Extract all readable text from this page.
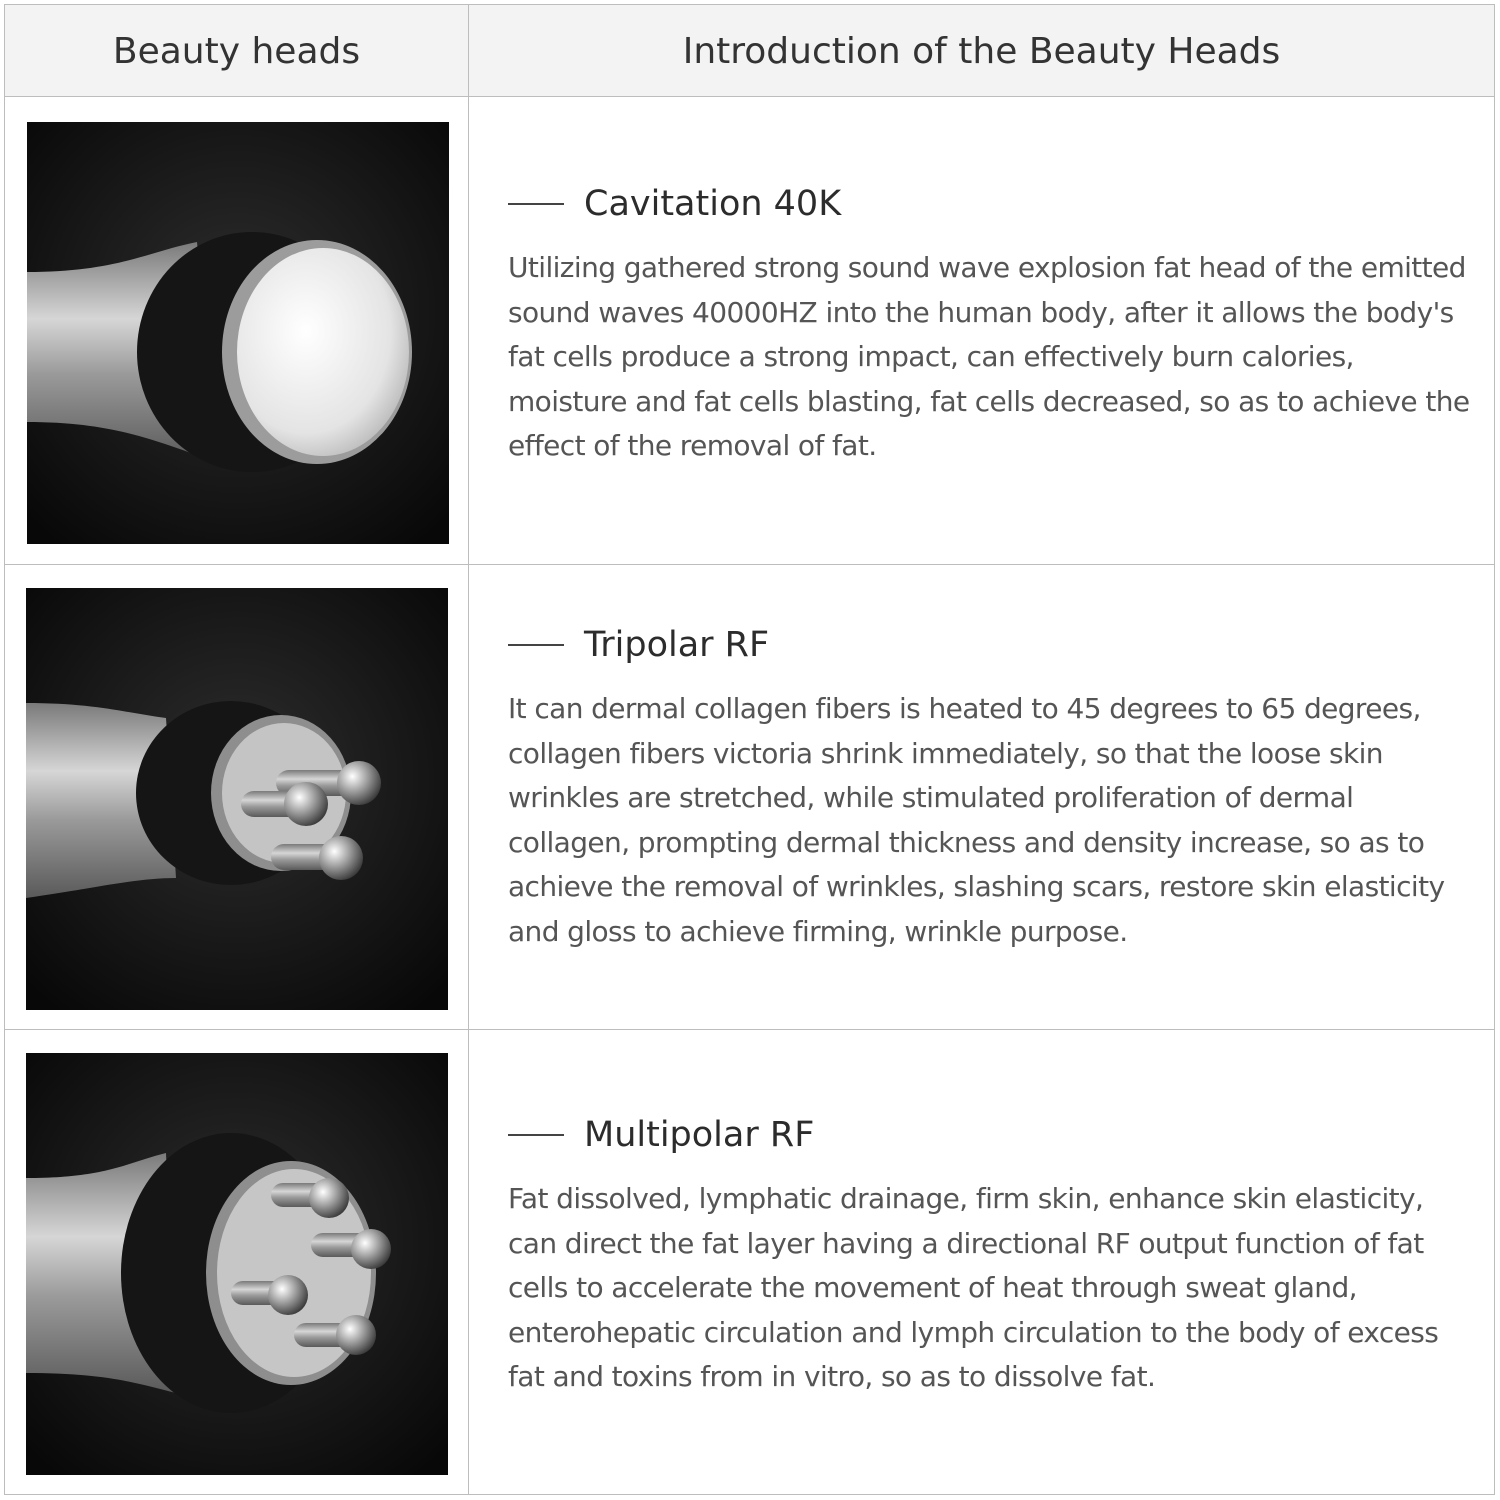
Beauty heads	Introduction of the Beauty Heads
Cavitation 40K
Utilizing gathered strong sound wave explosion fat head of the emitted sound waves 40000HZ into the human body, after it allows the body's fat cells produce a strong impact, can effectively burn calories, moisture and fat cells blasting, fat cells decreased, so as to achieve the effect of the removal of fat.
Tripolar RF
It can dermal collagen fibers is heated to 45 degrees to 65 degrees, collagen fibers victoria shrink immediately, so that the loose skin wrinkles are stretched, while stimulated proliferation of dermal collagen, prompting dermal thickness and density increase, so as to achieve the removal of wrinkles, slashing scars, restore skin elasticity and gloss to achieve firming, wrinkle purpose.
Multipolar RF
Fat dissolved, lymphatic drainage, firm skin, enhance skin elasticity, can direct the fat layer having a directional RF output function of fat cells to accelerate the movement of heat through sweat gland, enterohepatic circulation and lymph circulation to the body of excess fat and toxins from in vitro, so as to dissolve fat.
